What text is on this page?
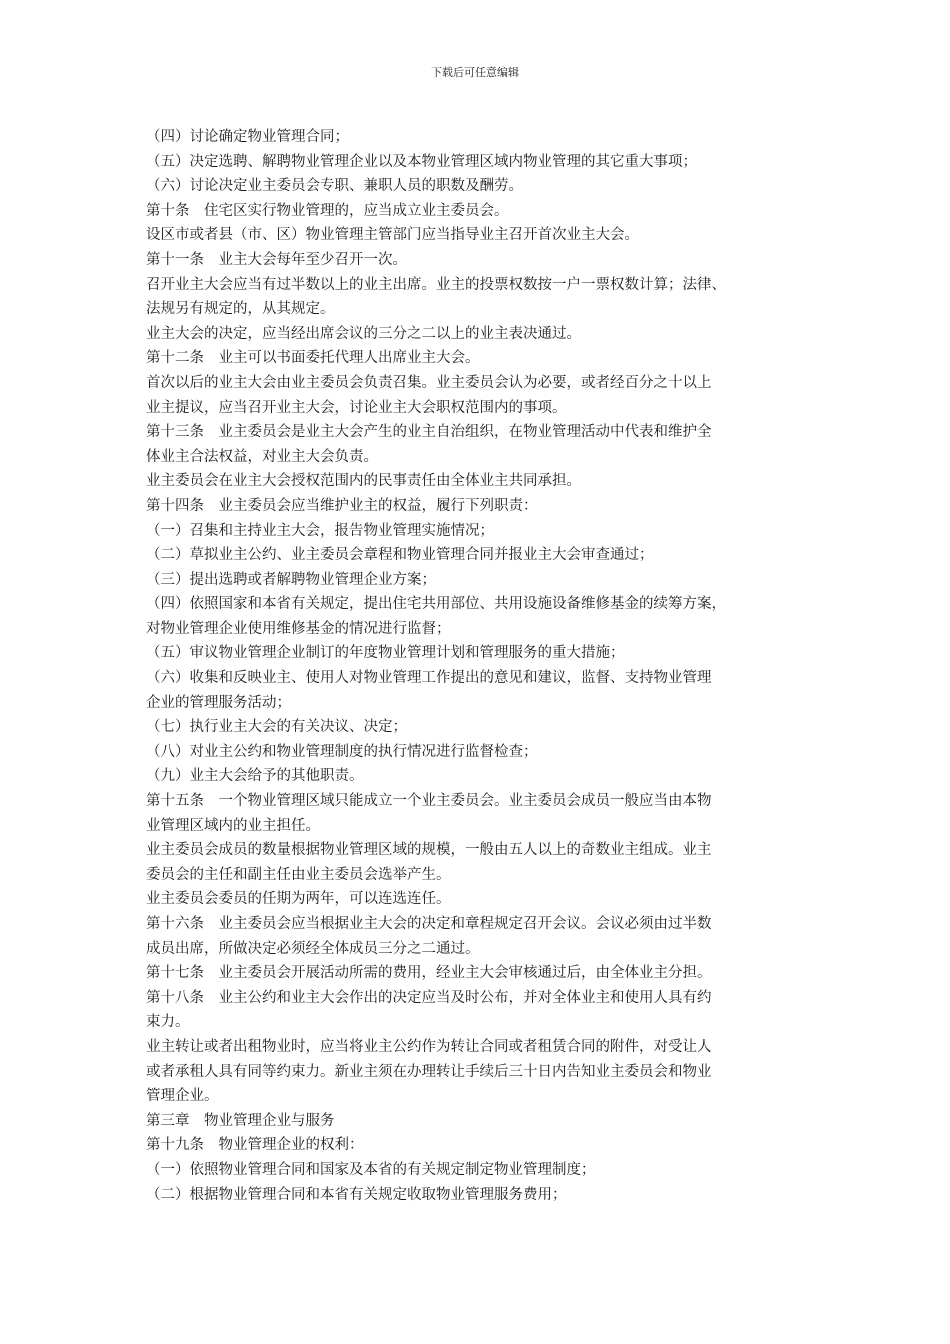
下载后可任意编辑

（四）讨论确定物业管理合同；

（五）决定选聘、解聘物业管理企业以及本物业管理区域内物业管理的其它重大事项；

（六）讨论决定业主委员会专职、兼职人员的职数及酬劳。

第十条　住宅区实行物业管理的，应当成立业主委员会。

设区市或者县（市、区）物业管理主管部门应当指导业主召开首次业主大会。

第十一条　业主大会每年至少召开一次。

召开业主大会应当有过半数以上的业主出席。业主的投票权数按一户一票权数计算；法律、
法规另有规定的，从其规定。

业主大会的决定，应当经出席会议的三分之二以上的业主表决通过。

第十二条　业主可以书面委托代理人出席业主大会。

首次以后的业主大会由业主委员会负责召集。业主委员会认为必要，或者经百分之十以上
业主提议，应当召开业主大会，讨论业主大会职权范围内的事项。

第十三条　业主委员会是业主大会产生的业主自治组织，在物业管理活动中代表和维护全
体业主合法权益，对业主大会负责。

业主委员会在业主大会授权范围内的民事责任由全体业主共同承担。

第十四条　业主委员会应当维护业主的权益，履行下列职责：

（一）召集和主持业主大会，报告物业管理实施情况；

（二）草拟业主公约、业主委员会章程和物业管理合同并报业主大会审查通过；

（三）提出选聘或者解聘物业管理企业方案；

（四）依照国家和本省有关规定，提出住宅共用部位、共用设施设备维修基金的续筹方案，
对物业管理企业使用维修基金的情况进行监督；

（五）审议物业管理企业制订的年度物业管理计划和管理服务的重大措施；

（六）收集和反映业主、使用人对物业管理工作提出的意见和建议，监督、支持物业管理
企业的管理服务活动；

（七）执行业主大会的有关决议、决定；

（八）对业主公约和物业管理制度的执行情况进行监督检查；

（九）业主大会给予的其他职责。

第十五条　一个物业管理区域只能成立一个业主委员会。业主委员会成员一般应当由本物
业管理区域内的业主担任。

业主委员会成员的数量根据物业管理区域的规模，一般由五人以上的奇数业主组成。业主
委员会的主任和副主任由业主委员会选举产生。

业主委员会委员的任期为两年，可以连选连任。

第十六条　业主委员会应当根据业主大会的决定和章程规定召开会议。会议必须由过半数
成员出席，所做决定必须经全体成员三分之二通过。

第十七条　业主委员会开展活动所需的费用，经业主大会审核通过后，由全体业主分担。

第十八条　业主公约和业主大会作出的决定应当及时公布，并对全体业主和使用人具有约
束力。

业主转让或者出租物业时，应当将业主公约作为转让合同或者租赁合同的附件，对受让人
或者承租人具有同等约束力。新业主须在办理转让手续后三十日内告知业主委员会和物业
管理企业。

第三章　物业管理企业与服务

第十九条　物业管理企业的权利：

（一）依照物业管理合同和国家及本省的有关规定制定物业管理制度；

（二）根据物业管理合同和本省有关规定收取物业管理服务费用；
